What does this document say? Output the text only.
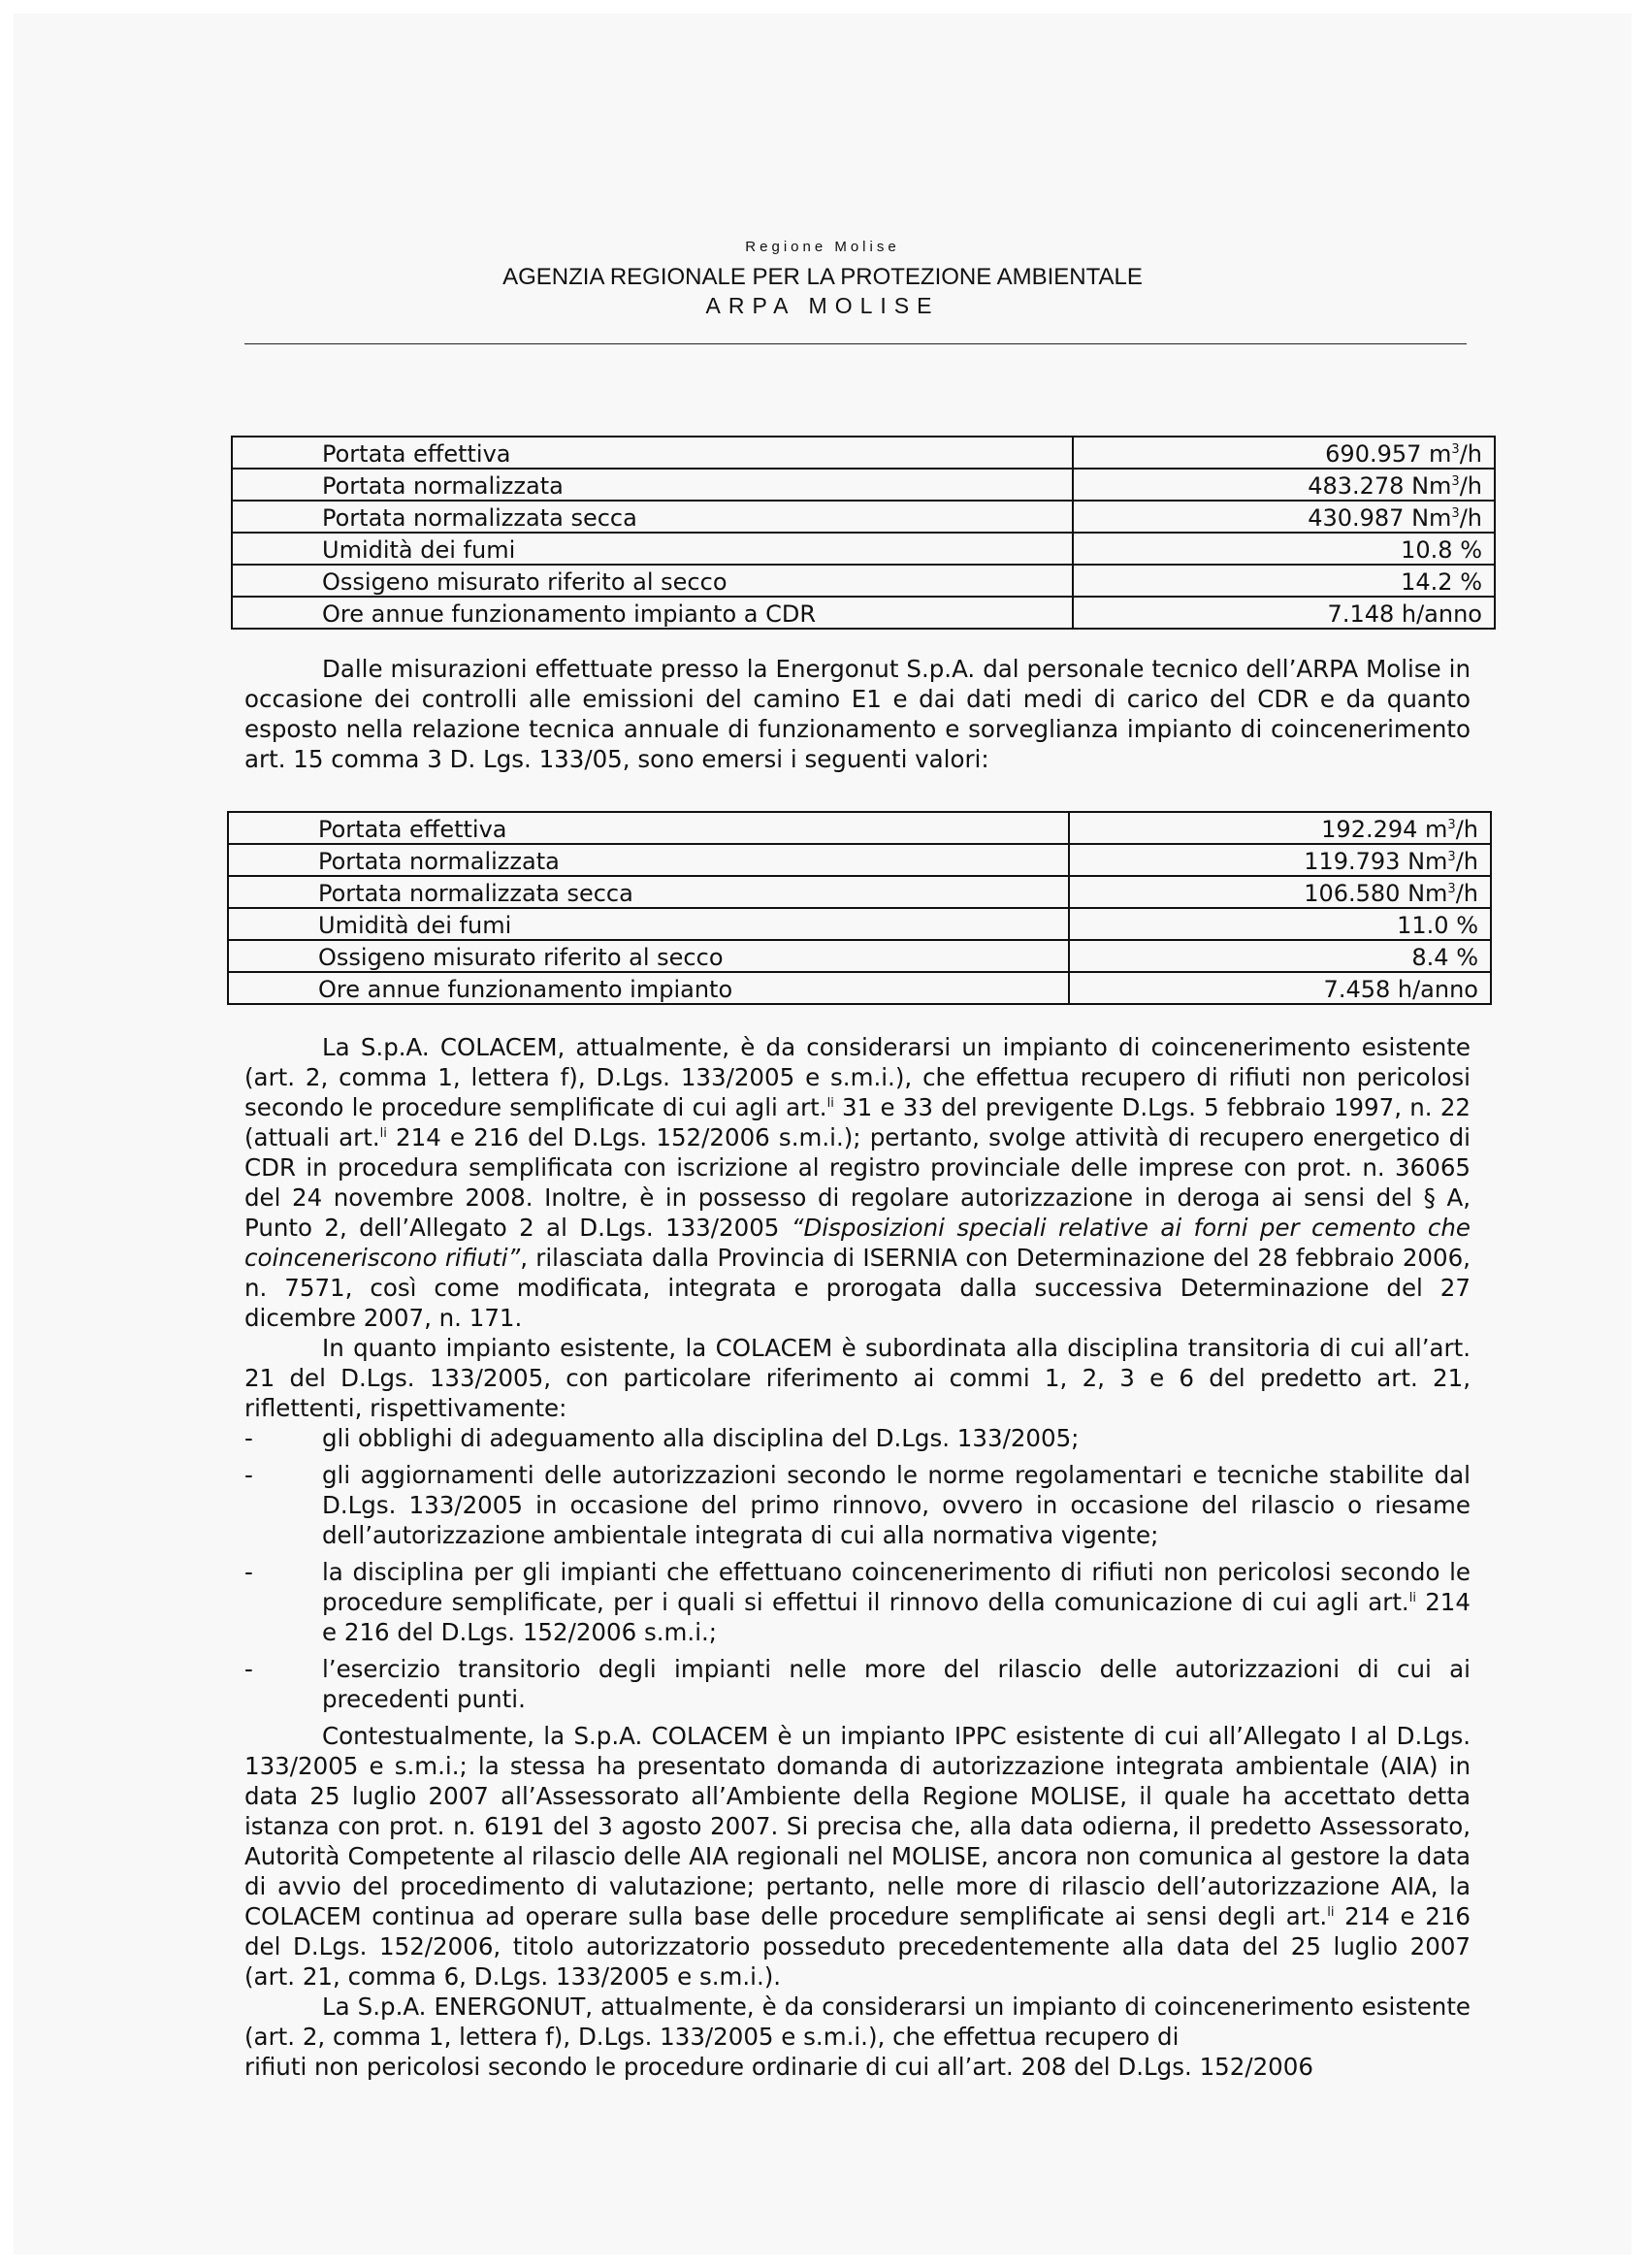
Regione Molise
AGENZIA REGIONALE PER LA PROTEZIONE AMBIENTALE
ARPA MOLISE
Portata effettiva	690.957 $m^3/h$
Portata normalizzata	483.278 Nm$^3$/h
Portata normalizzata secca	430.987 Nm$^3$/h
Umidità dei fumi	10.8 %
Ossigeno misurato riferito al secco	14.2 %
Ore annue funzionamento impianto a CDR	7.148 h/anno
Dalle misurazioni effettuate presso la Energonut S.p.A. dal personale tecnico dell’ARPA Molise in occasione dei controlli alle emissioni del camino E1 e dai dati medi di carico del CDR e da quanto esposto nella relazione tecnica annuale di funzionamento e sorveglianza impianto di coincenerimento art. 15 comma 3 D. Lgs. 133/05, sono emersi i seguenti valori:
Portata effettiva	192.294 $m^3/h$
Portata normalizzata	119.793 Nm$^3$/h
Portata normalizzata secca	106.580 Nm$^3$/h
Umidità dei fumi	11.0 %
Ossigeno misurato riferito al secco	8.4 %
Ore annue funzionamento impianto	7.458 h/anno

La S.p.A. COLACEM, attualmente, è da considerarsi un impianto di coincenerimento esistente (art. 2, comma 1, lettera f), D.Lgs. 133/2005 e s.m.i.), che effettua recupero di rifiuti non pericolosi secondo le procedure semplificate di cui agli art.$^{li}$ 31 e 33 del previgente D.Lgs. 5 febbraio 1997, n. 22 (attuali art.$^{li}$ 214 e 216 del D.Lgs. 152/2006 s.m.i.); pertanto, svolge attività di recupero energetico di CDR in procedura semplificata con iscrizione al registro provinciale delle imprese con prot. n. 36065 del 24 novembre 2008. Inoltre, è in possesso di regolare autorizzazione in deroga ai sensi del § A, Punto 2, dell’Allegato 2 al D.Lgs. 133/2005 “Disposizioni speciali relative ai forni per cemento che coinceneriscono rifiuti”, rilasciata dalla Provincia di ISERNIA con Determinazione del 28 febbraio 2006, n. 7571, così come modificata, integrata e prorogata dalla successiva Determinazione del 27 dicembre 2007, n. 171.

In quanto impianto esistente, la COLACEM è subordinata alla disciplina transitoria di cui all’art. 21 del D.Lgs. 133/2005, con particolare riferimento ai commi 1, 2, 3 e 6 del predetto art. 21, riflettenti, rispettivamente:

-	gli obblighi di adeguamento alla disciplina del D.Lgs. 133/2005;
-	gli aggiornamenti delle autorizzazioni secondo le norme regolamentari e tecniche stabilite dal D.Lgs. 133/2005 in occasione del primo rinnovo, ovvero in occasione del rilascio o riesame dell’autorizzazione ambientale integrata di cui alla normativa vigente;
-	la disciplina per gli impianti che effettuano coincenerimento di rifiuti non pericolosi secondo le procedure semplificate, per i quali si effettui il rinnovo della comunicazione di cui agli art.$^{li}$ 214 e 216 del D.Lgs. 152/2006 s.m.i.;
-	l’esercizio transitorio degli impianti nelle more del rilascio delle autorizzazioni di cui ai precedenti punti.

Contestualmente, la S.p.A. COLACEM è un impianto IPPC esistente di cui all’Allegato I al D.Lgs. 133/2005 e s.m.i.; la stessa ha presentato domanda di autorizzazione integrata ambientale (AIA) in data 25 luglio 2007 all’Assessorato all’Ambiente della Regione MOLISE, il quale ha accettato detta istanza con prot. n. 6191 del 3 agosto 2007. Si precisa che, alla data odierna, il predetto Assessorato, Autorità Competente al rilascio delle AIA regionali nel MOLISE, ancora non comunica al gestore la data di avvio del procedimento di valutazione; pertanto, nelle more di rilascio dell’autorizzazione AIA, la COLACEM continua ad operare sulla base delle procedure semplificate ai sensi degli art.$^{li}$ 214 e 216 del D.Lgs. 152/2006, titolo autorizzatorio posseduto precedentemente alla data del 25 luglio 2007 (art. 21, comma 6, D.Lgs. 133/2005 e s.m.i.).

La S.p.A. ENERGONUT, attualmente, è da considerarsi un impianto di coincenerimento esistente (art. 2, comma 1, lettera f), D.Lgs. 133/2005 e s.m.i.), che effettua recupero di

rifiuti non pericolosi secondo le procedure ordinarie di cui all’art. 208 del D.Lgs. 152/2006
